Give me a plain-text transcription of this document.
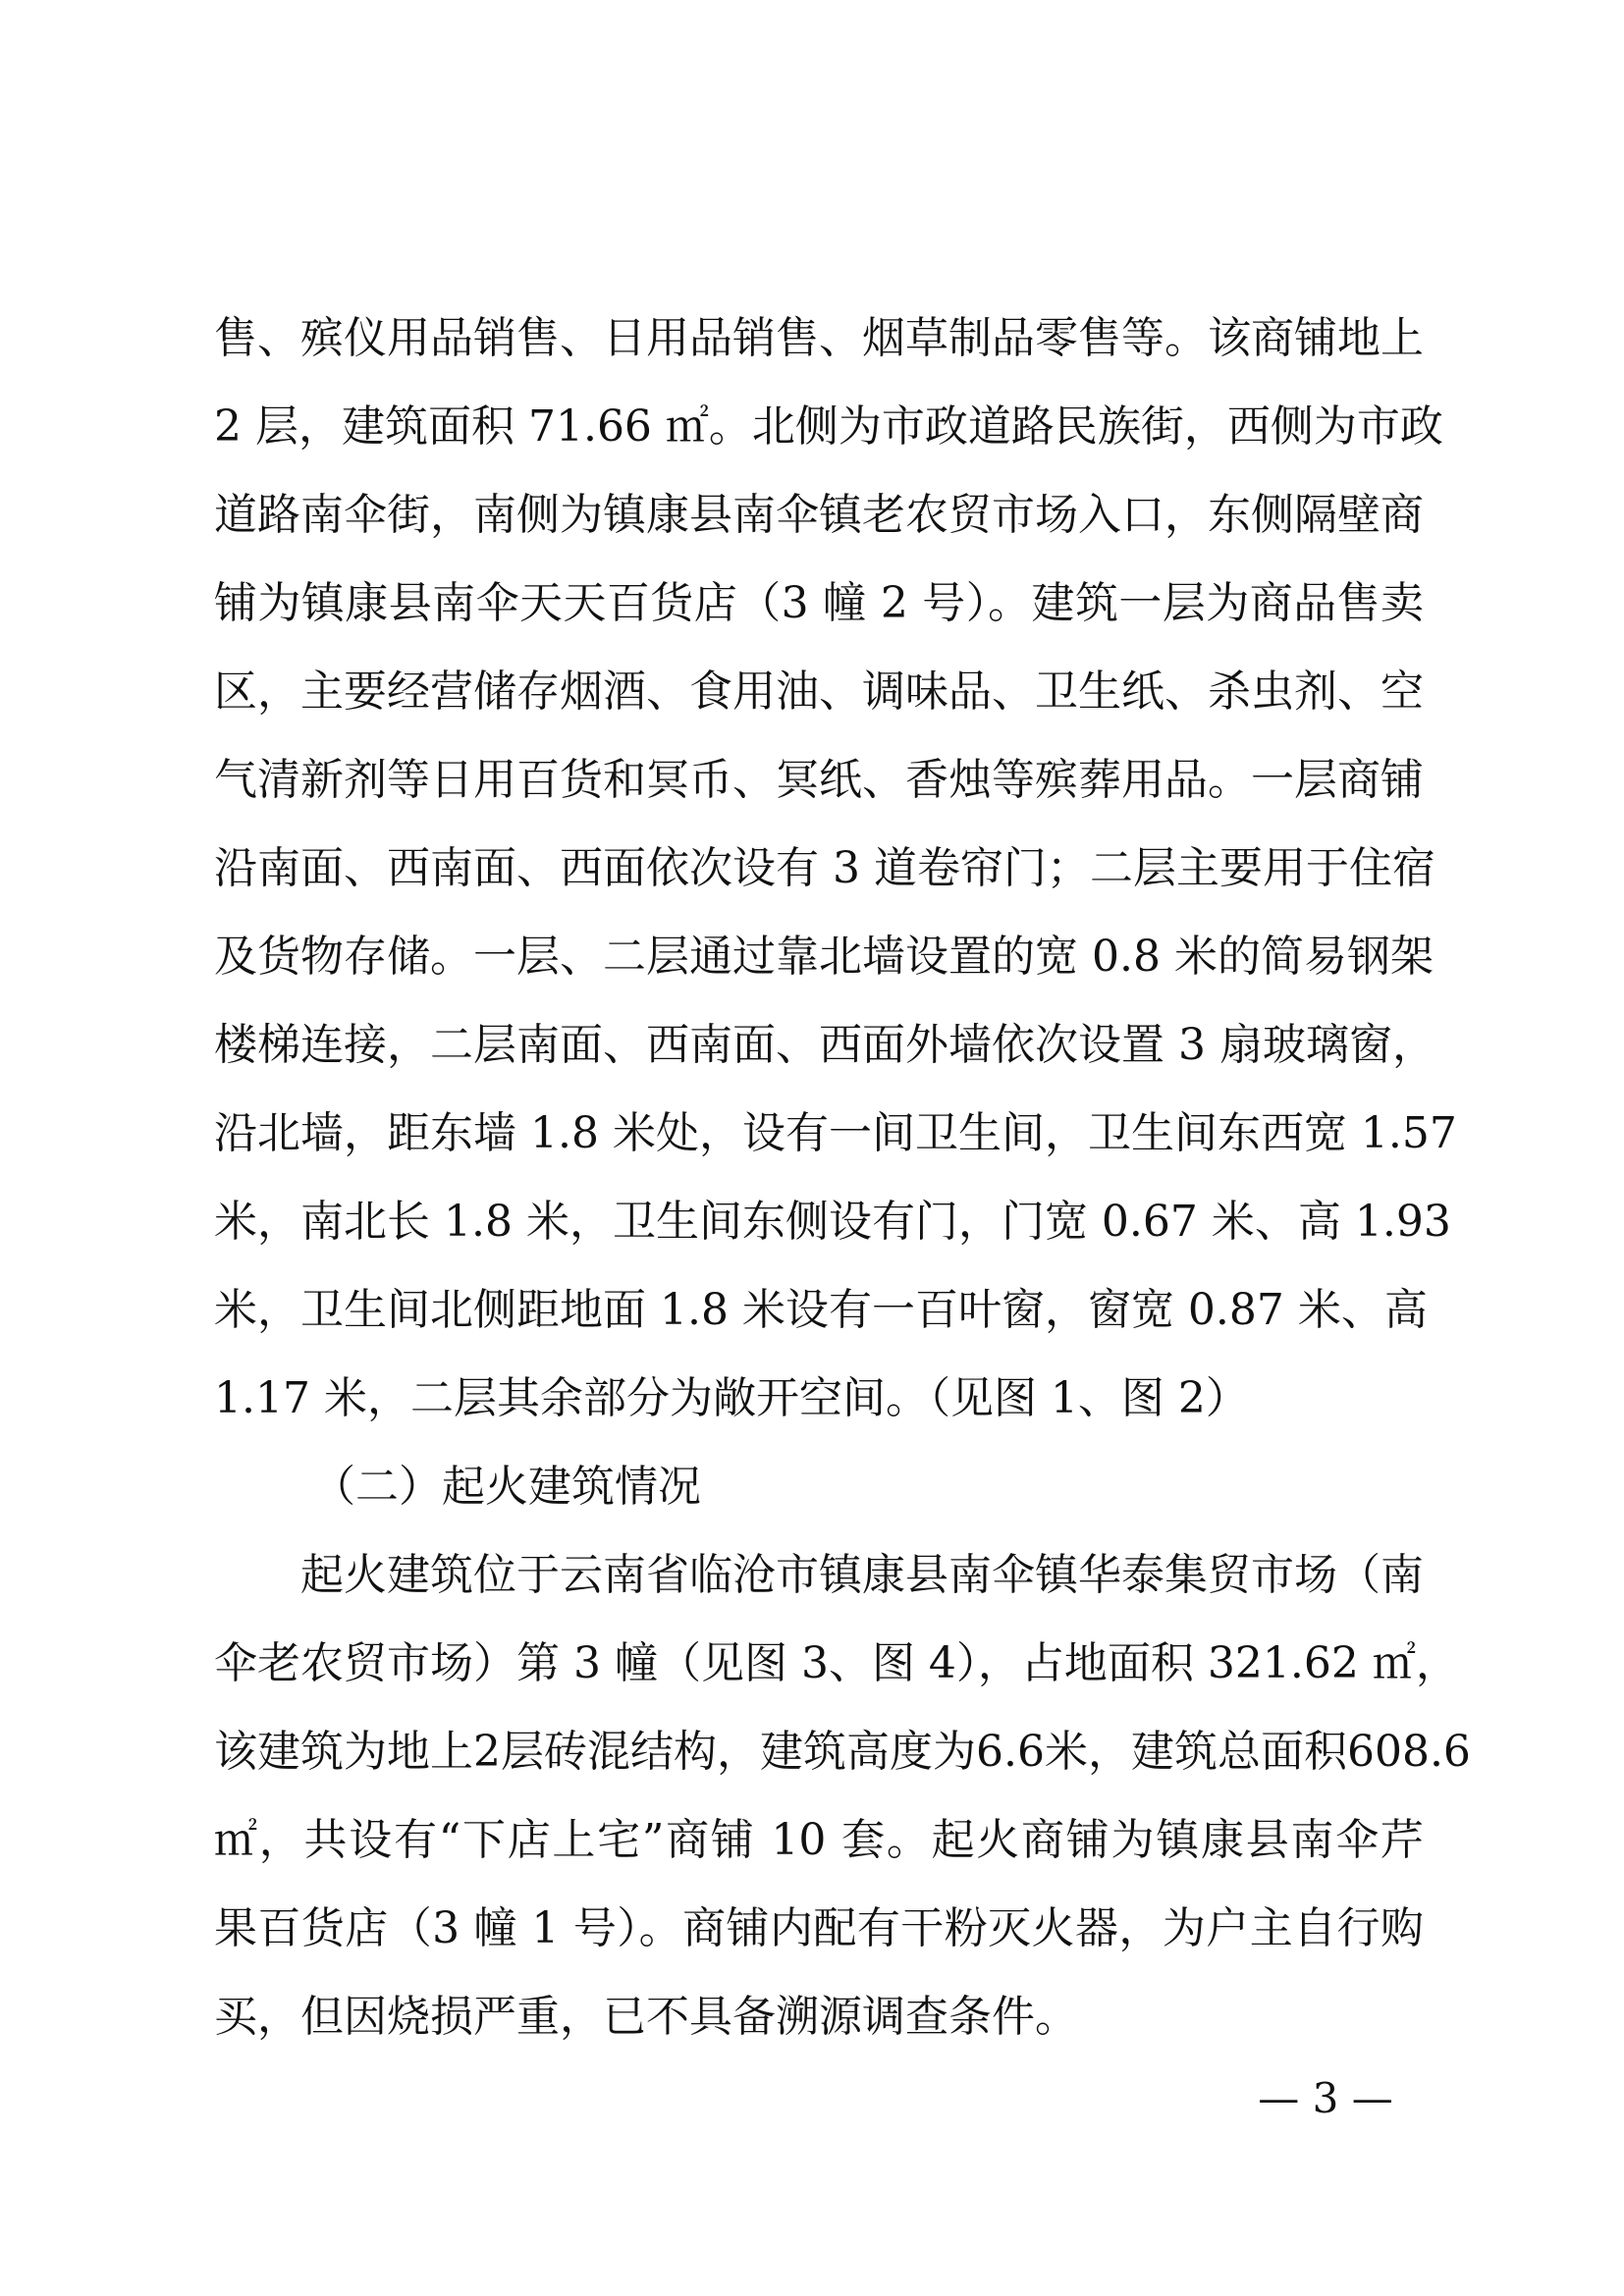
售、殡仪用品销售、日用品销售、烟草制品零售等。该商铺地上
2 层，建筑面积 71.66 ㎡。北侧为市政道路民族街，西侧为市政
道路南伞街，南侧为镇康县南伞镇老农贸市场入口，东侧隔壁商
铺为镇康县南伞天天百货店（3 幢 2 号）。建筑一层为商品售卖
区，主要经营储存烟酒、食用油、调味品、卫生纸、杀虫剂、空
气清新剂等日用百货和冥币、冥纸、香烛等殡葬用品。一层商铺
沿南面、西南面、西面依次设有 3 道卷帘门；二层主要用于住宿
及货物存储。一层、二层通过靠北墙设置的宽 0.8 米的简易钢架
楼梯连接，二层南面、西南面、西面外墙依次设置 3 扇玻璃窗，
沿北墙，距东墙 1.8 米处，设有一间卫生间，卫生间东西宽 1.57
米，南北长 1.8 米，卫生间东侧设有门，门宽 0.67 米、高 1.93
米，卫生间北侧距地面 1.8 米设有一百叶窗，窗宽 0.87 米、高
1.17 米，二层其余部分为敞开空间。（见图 1、图 2）
（二）起火建筑情况
起火建筑位于云南省临沧市镇康县南伞镇华泰集贸市场（南
伞老农贸市场）第 3 幢（见图 3、图 4），占地面积 321.62 ㎡，
该建筑为地上2层砖混结构，建筑高度为6.6米，建筑总面积608.6
㎡，共设有“下店上宅”商铺 10 套。起火商铺为镇康县南伞芹
果百货店（3 幢 1 号）。商铺内配有干粉灭火器，为户主自行购
买，但因烧损严重，已不具备溯源调查条件。
— 3 —
